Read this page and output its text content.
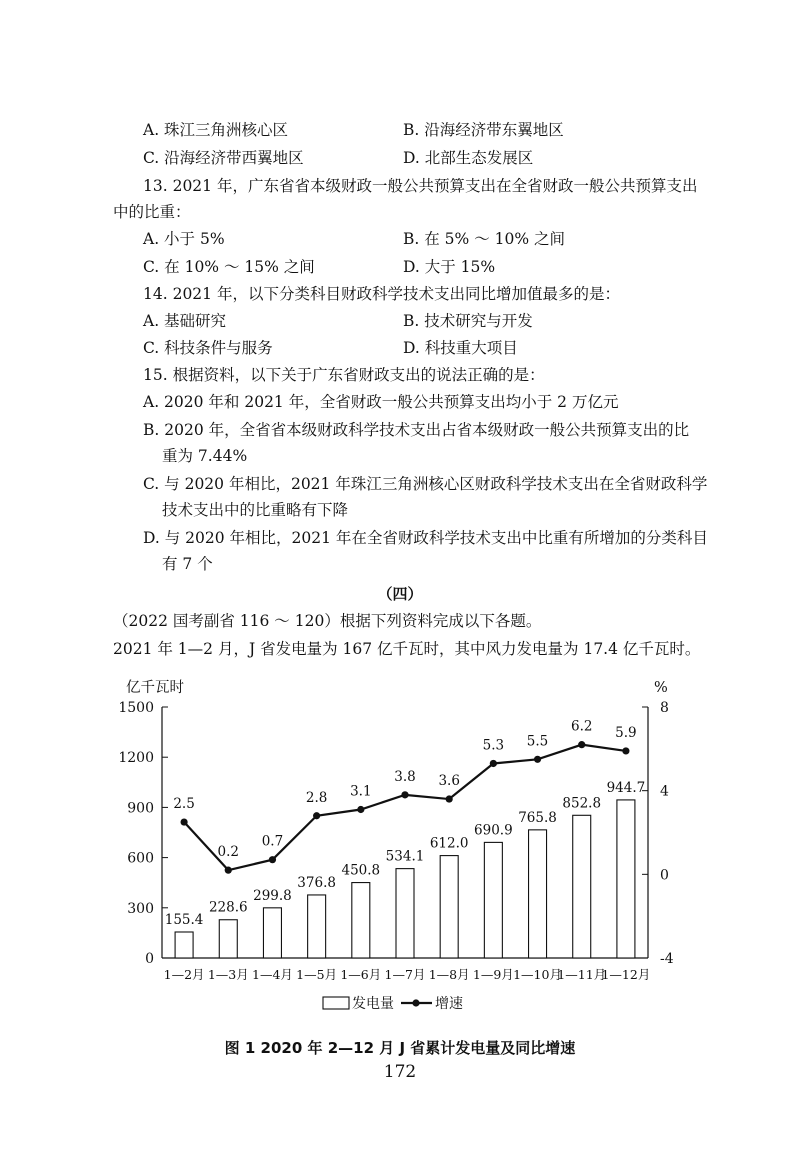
A. 珠江三角洲核心区	B. 沿海经济带东翼地区
C. 沿海经济带西翼地区	D. 北部生态发展区
13. 2021 年，广东省省本级财政一般公共预算支出在全省财政一般公共预算支出
中的比重：
A. 小于 5%	B. 在 5% ～ 10% 之间
C. 在 10% ～ 15% 之间	D. 大于 15%
14. 2021 年，以下分类科目财政科学技术支出同比增加值最多的是：
A. 基础研究	B. 技术研究与开发
C. 科技条件与服务	D. 科技重大项目
15. 根据资料，以下关于广东省财政支出的说法正确的是：
A. 2020 年和 2021 年，全省财政一般公共预算支出均小于 2 万亿元
B. 2020 年，全省省本级财政科学技术支出占省本级财政一般公共预算支出的比
重为 7.44%
C. 与 2020 年相比，2021 年珠江三角洲核心区财政科学技术支出在全省财政科学
技术支出中的比重略有下降
D. 与 2020 年相比，2021 年在全省财政科学技术支出中比重有所增加的分类科目
有 7 个
（四）
（2022 国考副省 116 ～ 120）根据下列资料完成以下各题。
2021 年 1—2 月，J 省发电量为 167 亿千瓦时，其中风力发电量为 17.4 亿千瓦时。
0
300
600
900
1200
1500
-4
0
4
8
亿千瓦时	%
155.4
228.6
299.8
376.8
450.8
534.1
612.0
690.9
765.8
852.8
944.7
2.5
0.2
0.7
2.8 3.1
3.8 3.6
5.3 5.5
6.2 5.9
1—2月 1—3月 1—4月 1—5月 1—6月 1—7月 1—8月 1—9月 1—10月
1—11月
1—12月
发电量	增速
图 1 2020 年 2—12 月 J 省累计发电量及同比增速
172
